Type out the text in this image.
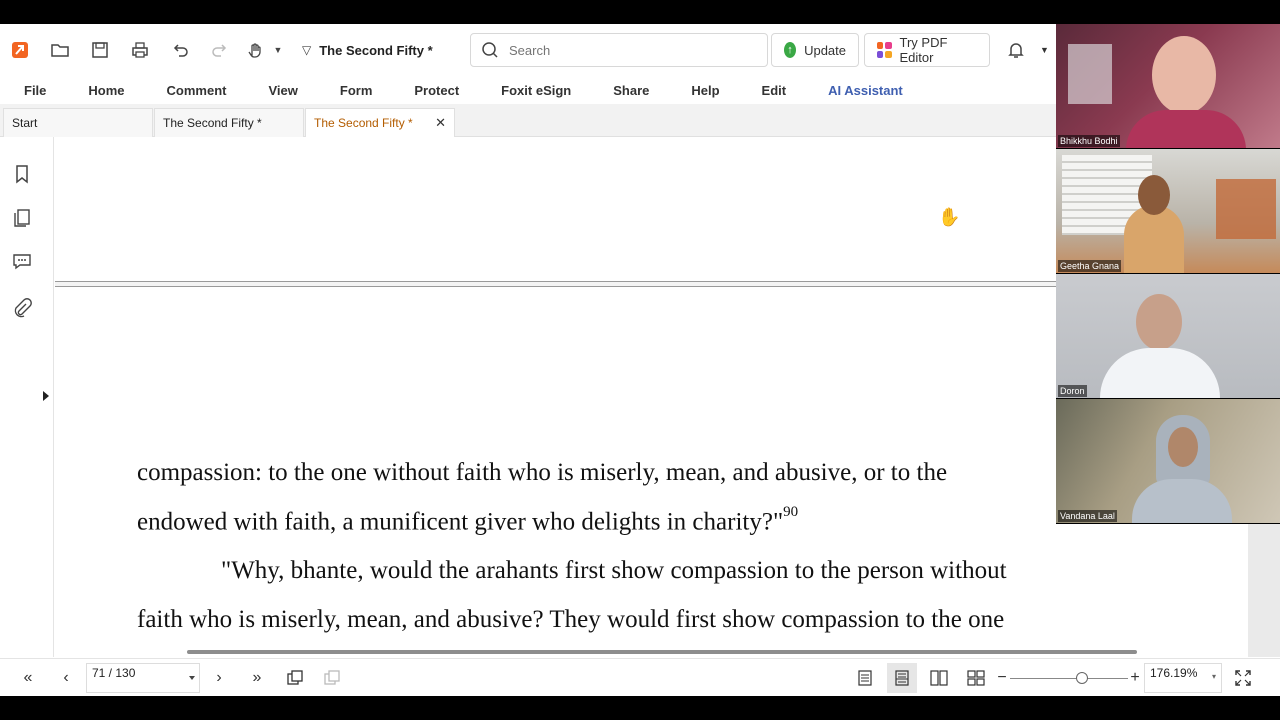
▼ ▽ The Second Fifty *
Search	↑ Update	Try PDF Editor	▼
File	Home	Comment	View	Form	Protect	Foxit eSign	Share	Help	Edit	AI Assistant
Start	The Second Fifty *	The Second Fifty * ✕
✋
compassion: to the one without faith who is miserly, mean, and abusive, or to the
endowed with faith, a munificent giver who delights in charity?"$^{90}$
"Why, bhante, would the arahants first show compassion to the person without
faith who is miserly, mean, and abusive? They would first show compassion to the one
«	‹	71 / 130	›	»	−	+ 176.19%	▾
Bhikkhu Bodhi
Geetha Gnana
Doron
Vandana Laal
